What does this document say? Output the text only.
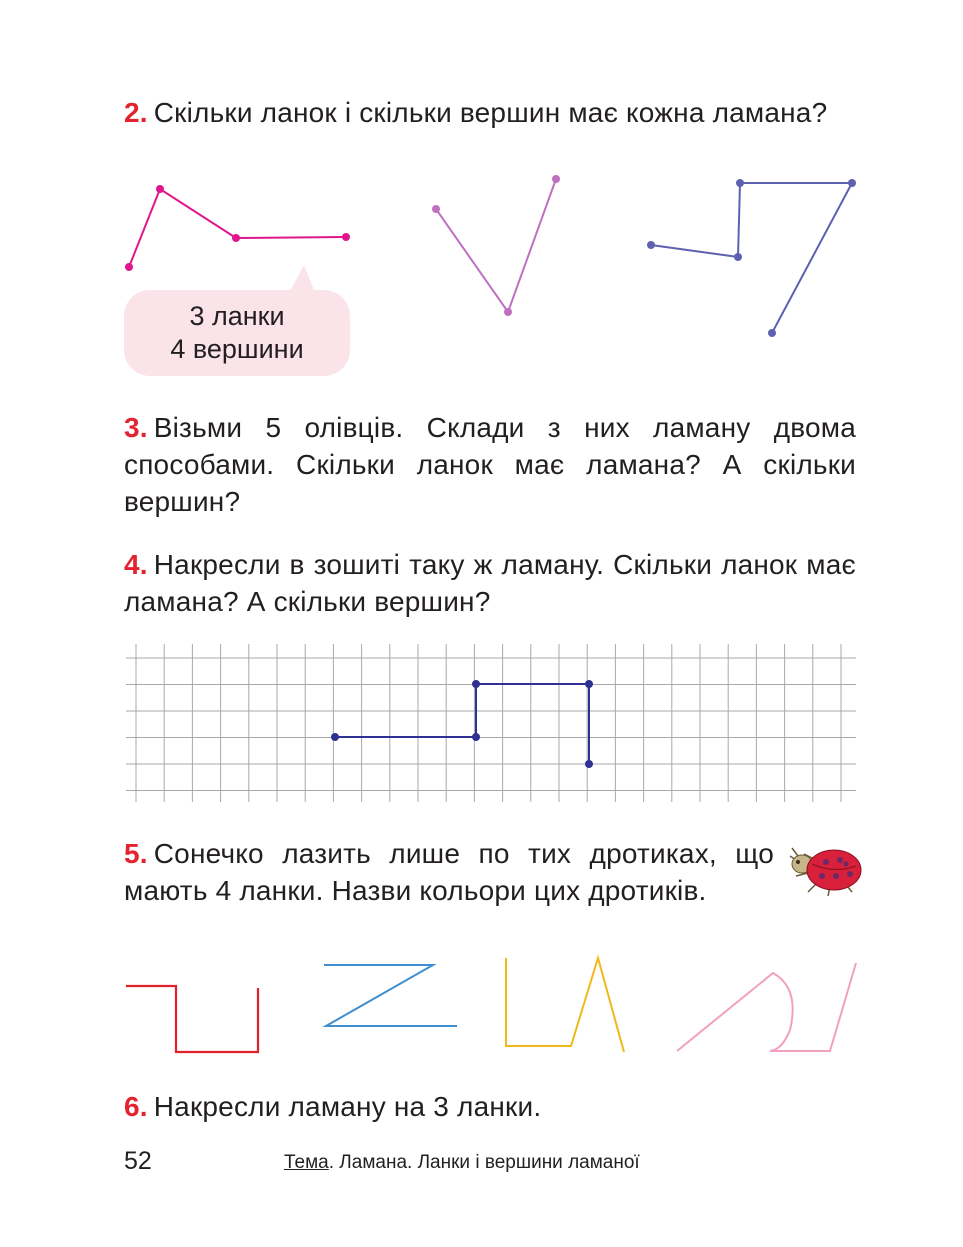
2. Скільки ланок і скільки вершин має кожна ламана?
3 ланки
4 вершини
3. Візьми 5 олівців. Склади з них ламану двома способами. Скільки ланок має ламана? А скільки вершин?
4. Накресли в зошиті таку ж ламану. Скільки ланок має ламана? А скільки вершин?
5. Сонечко лазить лише по тих дротиках, що мають 4 ланки. Назви кольори цих дротиків.
6. Накресли ламану на 3 ланки.
52	Тема. Ламана. Ланки і вершини ламаної
